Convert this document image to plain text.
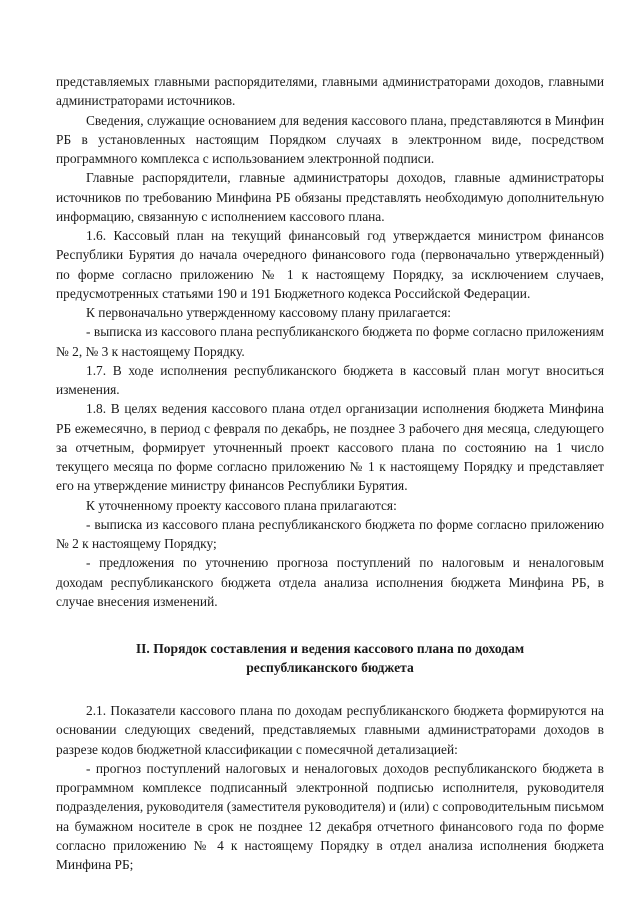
представляемых главными распорядителями, главными администраторами доходов, главными администраторами источников.

Сведения, служащие основанием для ведения кассового плана, представляются в Минфин РБ в установленных настоящим Порядком случаях в электронном виде, посредством программного комплекса с использованием электронной подписи.

Главные распорядители, главные администраторы доходов, главные администраторы источников по требованию Минфина РБ обязаны представлять необходимую дополнительную информацию, связанную с исполнением кассового плана.

1.6. Кассовый план на текущий финансовый год утверждается министром финансов Республики Бурятия до начала очередного финансового года (первоначально утвержденный) по форме согласно приложению № 1 к настоящему Порядку, за исключением случаев, предусмотренных статьями 190 и 191 Бюджетного кодекса Российской Федерации.

К первоначально утвержденному кассовому плану прилагается:

- выписка из кассового плана республиканского бюджета по форме согласно приложениям № 2, № 3 к настоящему Порядку.

1.7. В ходе исполнения республиканского бюджета в кассовый план могут вноситься изменения.

1.8. В целях ведения кассового плана отдел организации исполнения бюджета Минфина РБ ежемесячно, в период с февраля по декабрь, не позднее 3 рабочего дня месяца, следующего за отчетным, формирует уточненный проект кассового плана по состоянию на 1 число текущего месяца по форме согласно приложению № 1 к настоящему Порядку и представляет его на утверждение министру финансов Республики Бурятия.

К уточненному проекту кассового плана прилагаются:

- выписка из кассового плана республиканского бюджета по форме согласно приложению № 2 к настоящему Порядку;

- предложения по уточнению прогноза поступлений по налоговым и неналоговым доходам республиканского бюджета отдела анализа исполнения бюджета Минфина РБ, в случае внесения изменений.

II. Порядок составления и ведения кассового плана по доходам
республиканского бюджета

2.1. Показатели кассового плана по доходам республиканского бюджета формируются на основании следующих сведений, представляемых главными администраторами доходов в разрезе кодов бюджетной классификации с помесячной детализацией:

- прогноз поступлений налоговых и неналоговых доходов республиканского бюджета в программном комплексе подписанный электронной подписью исполнителя, руководителя подразделения, руководителя (заместителя руководителя) и (или) с сопроводительным письмом на бумажном носителе в срок не позднее 12 декабря отчетного финансового года по форме согласно приложению № 4 к настоящему Порядку в отдел анализа исполнения бюджета Минфина РБ;
